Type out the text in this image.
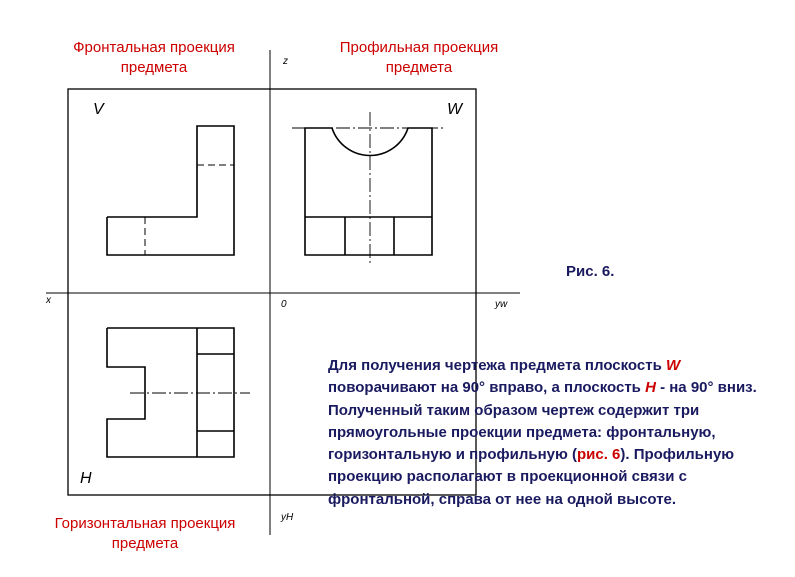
Фронтальная проекция
предмета
Профильная проекция
предмета
Горизонтальная проекция
предмета
z
x	0	yw
yH
V	W
H
Рис. 6.
Для получения чертежа предмета плоскость W поворачивают на 90° вправо, а плоскость H - на 90° вниз. Полученный таким образом чертеж содержит три прямоугольные проекции предмета: фронтальную, горизонтальную и профильную (рис. 6). Профильную проекцию располагают в проекционной связи с фронтальной, справа от нее на одной высоте.
